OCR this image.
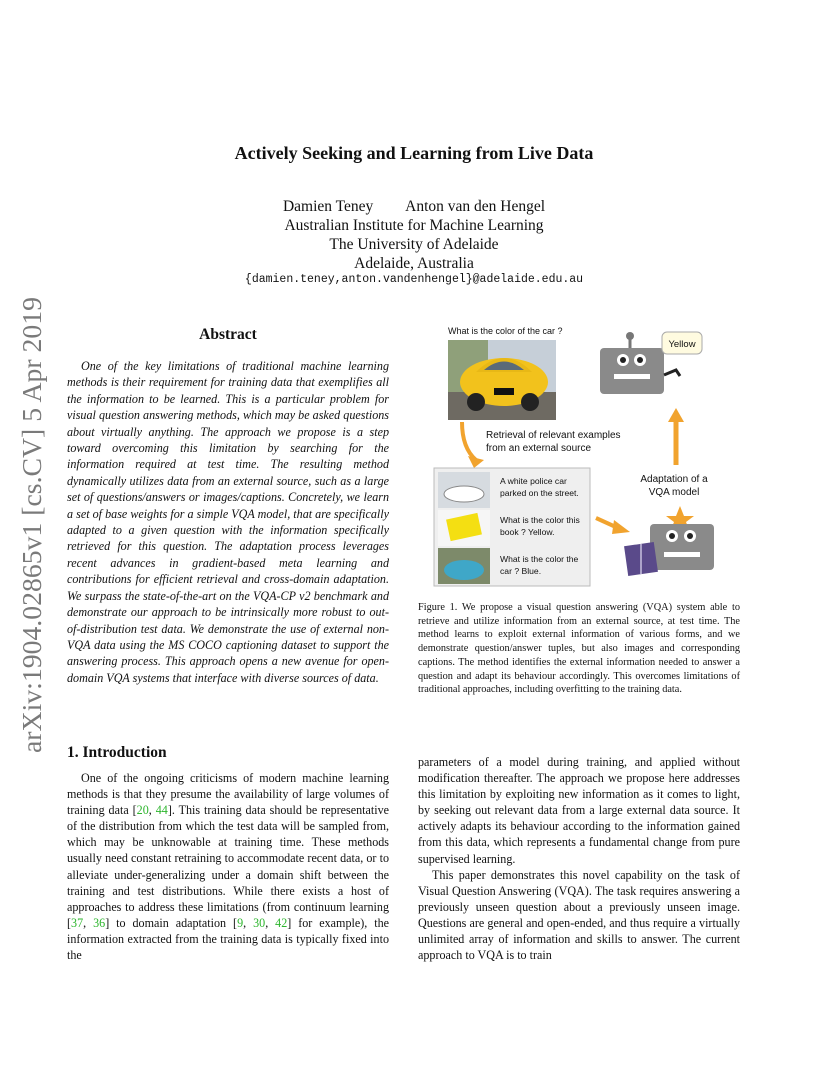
arXiv:1904.02865v1 [cs.CV] 5 Apr 2019
Actively Seeking and Learning from Live Data
Damien Teney Anton van den Hengel
Australian Institute for Machine Learning
The University of Adelaide
Adelaide, Australia
{damien.teney,anton.vandenhengel}@adelaide.edu.au
Abstract

One of the key limitations of traditional machine learning methods is their requirement for training data that exemplifies all the information to be learned. This is a particular problem for visual question answering methods, which may be asked questions about virtually anything. The approach we propose is a step toward overcoming this limitation by searching for the information required at test time. The resulting method dynamically utilizes data from an external source, such as a large set of questions/answers or images/captions. Concretely, we learn a set of base weights for a simple VQA model, that are specifically adapted to a given question with the information specifically retrieved for this question. The adaptation process leverages recent advances in gradient-based meta learning and contributions for efficient retrieval and cross-domain adaptation. We surpass the state-of-the-art on the VQA-CP v2 benchmark and demonstrate our approach to be intrinsically more robust to out-of-distribution test data. We demonstrate the use of external non-VQA data using the MS COCO captioning dataset to support the answering process. This approach opens a new avenue for open-domain VQA systems that interface with diverse sources of data.

What is the color of the car ?
Yellow
Retrieval of relevant examples
from an external source
Adaptation of a
VQA model
A white police car
parked on the street.
What is the color this
book ? Yellow.
What is the color the
car ? Blue.
Figure 1. We propose a visual question answering (VQA) system able to retrieve and utilize information from an external source, at test time. The method learns to exploit external information of various forms, and we demonstrate question/answer tuples, but also images and corresponding captions. The method identifies the external information needed to answer a question and adapt its behaviour accordingly. This overcomes limitations of traditional approaches, including overfitting to the training data.
1. Introduction

One of the ongoing criticisms of modern machine learning methods is that they presume the availability of large volumes of training data [20, 44]. This training data should be representative of the distribution from which the test data will be sampled from, which may be unknowable at training time. These methods usually need constant retraining to accommodate recent data, or to alleviate under-generalizing under a domain shift between the training and test distributions. While there exists a host of approaches to address these limitations (from continuum learning [37, 36] to domain adaptation [9, 30, 42] for example), the information extracted from the training data is typically fixed into the

parameters of a model during training, and applied without modification thereafter. The approach we propose here addresses this limitation by exploiting new information as it comes to light, by seeking out relevant data from a large external data source. It actively adapts its behaviour according to the information gained from this data, which represents a fundamental change from pure supervised learning.

This paper demonstrates this novel capability on the task of Visual Question Answering (VQA). The task requires answering a previously unseen question about a previously unseen image. Questions are general and open-ended, and thus require a virtually unlimited array of information and skills to answer. The current approach to VQA is to train
